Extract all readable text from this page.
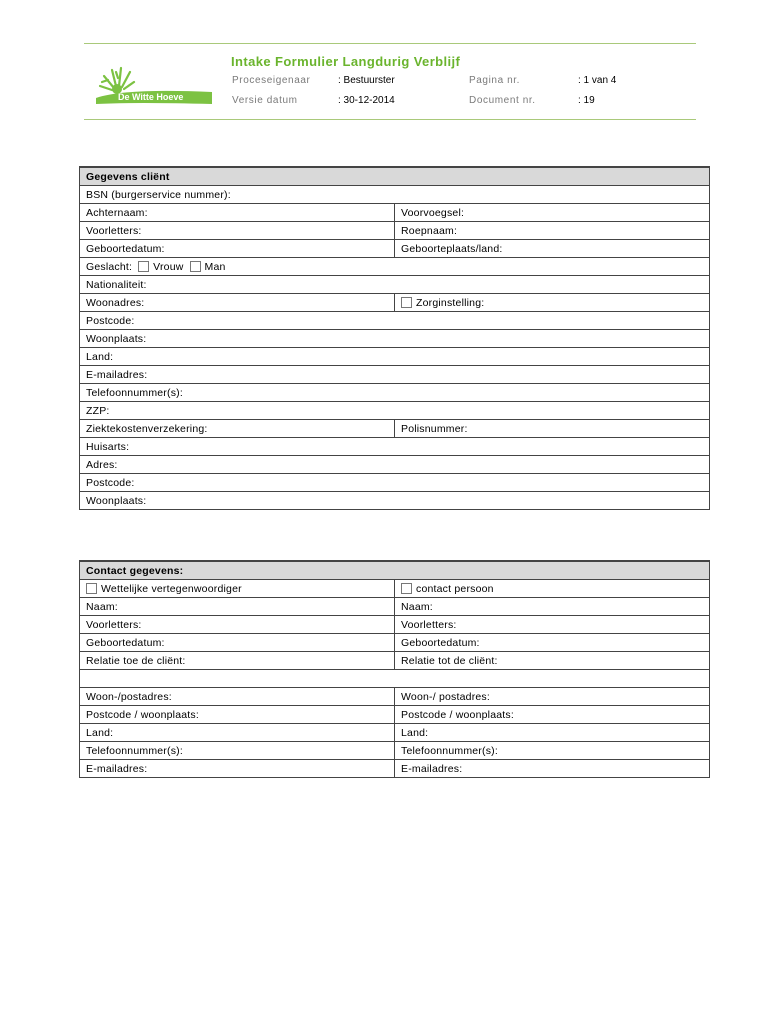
De Witte Hoeve
Intake Formulier Langdurig Verblijf
Proceseigenaar	: Bestuurster	Pagina nr.	: 1 van 4
Versie datum	: 30-12-2014	Document nr.	: 19
Gegevens cliënt	
BSN (burgerservice nummer):	
Achternaam:	Voorvoegsel:
Voorletters:	Roepnaam:
Geboortedatum:	Geboorteplaats/land:
Geslacht: Vrouw Man	
Nationaliteit:	
Woonadres:	Zorginstelling:
Postcode:	
Woonplaats:	
Land:	
E-mailadres:	
Telefoonnummer(s):	
ZZP:	
Ziektekostenverzekering:	Polisnummer:
Huisarts:	
Adres:	
Postcode:	
Woonplaats:	
Contact gegevens:	
Wettelijke vertegenwoordiger	contact persoon
Naam:	Naam:
Voorletters:	Voorletters:
Geboortedatum:	Geboortedatum:
Relatie toe de cliënt:	Relatie tot de cliënt:

Woon-/postadres:	Woon-/ postadres:
Postcode / woonplaats:	Postcode / woonplaats:
Land:	Land:
Telefoonnummer(s):	Telefoonnummer(s):
E-mailadres:	E-mailadres:
